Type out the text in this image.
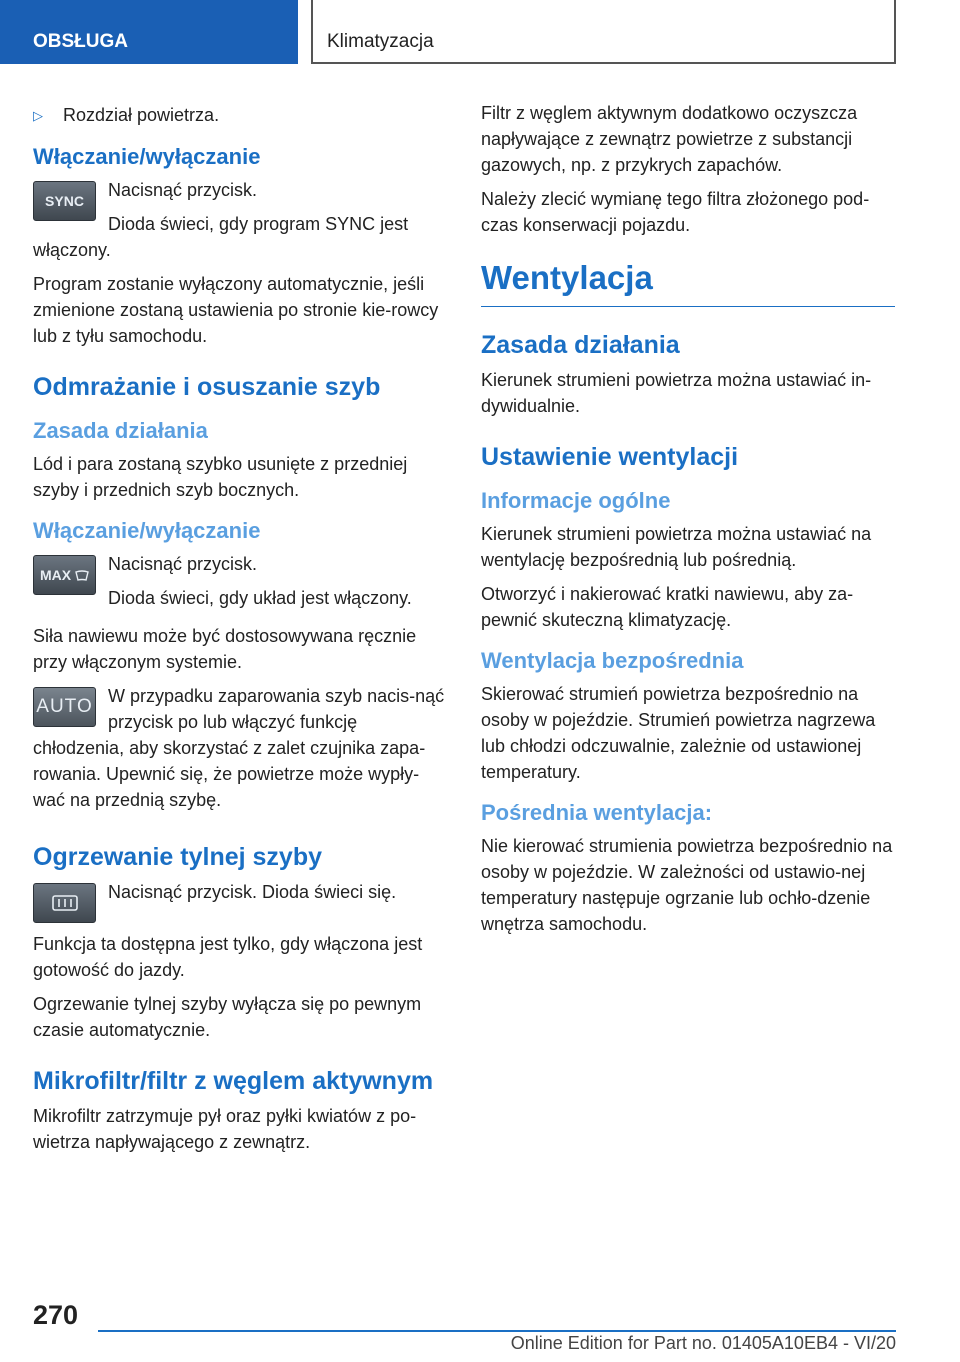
OBSŁUGA	Klimatyzacja
▷	Rozdział powietrza.
Włączanie/wyłączanie
SYNC

Nacisnąć przycisk.

Dioda świeci, gdy program SYNC jest włączony.

Program zostanie wyłączony automatycznie, jeśli zmienione zostaną ustawienia po stronie kie-rowcy lub z tyłu samochodu.

Odmrażanie i osuszanie szyb
Zasada działania

Lód i para zostaną szybko usunięte z przedniej szyby i przednich szyb bocznych.

Włączanie/wyłączanie
MAX

Nacisnąć przycisk.

Dioda świeci, gdy układ jest włączony.

Siła nawiewu może być dostosowywana ręcznie przy włączonym systemie.

AUTO W przypadku zaparowania szyb nacis-nąć przycisk po lub włączyć funkcję chłodzenia, aby skorzystać z zalet czujnika zapa-rowania. Upewnić się, że powietrze może wypły-wać na przednią szybę.

Ogrzewanie tylnej szyby

Nacisnąć przycisk. Dioda świeci się.

Funkcja ta dostępna jest tylko, gdy włączona jest gotowość do jazdy.

Ogrzewanie tylnej szyby wyłącza się po pewnym czasie automatycznie.

Mikrofiltr/filtr z węglem aktywnym

Mikrofiltr zatrzymuje pył oraz pyłki kwiatów z po-wietrza napływającego z zewnątrz.

Filtr z węglem aktywnym dodatkowo oczyszcza napływające z zewnątrz powietrze z substancji gazowych, np. z przykrych zapachów.

Należy zlecić wymianę tego filtra złożonego pod-czas konserwacji pojazdu.

Wentylacja
Zasada działania

Kierunek strumieni powietrza można ustawiać in-dywidualnie.

Ustawienie wentylacji
Informacje ogólne

Kierunek strumieni powietrza można ustawiać na wentylację bezpośrednią lub pośrednią.

Otworzyć i nakierować kratki nawiewu, aby za-pewnić skuteczną klimatyzację.

Wentylacja bezpośrednia

Skierować strumień powietrza bezpośrednio na osoby w pojeździe. Strumień powietrza nagrzewa lub chłodzi odczuwalnie, zależnie od ustawionej temperatury.

Pośrednia wentylacja:

Nie kierować strumienia powietrza bezpośrednio na osoby w pojeździe. W zależności od ustawio-nej temperatury następuje ogrzanie lub ochło-dzenie wnętrza samochodu.

270
Online Edition for Part no. 01405A10EB4 - VI/20
